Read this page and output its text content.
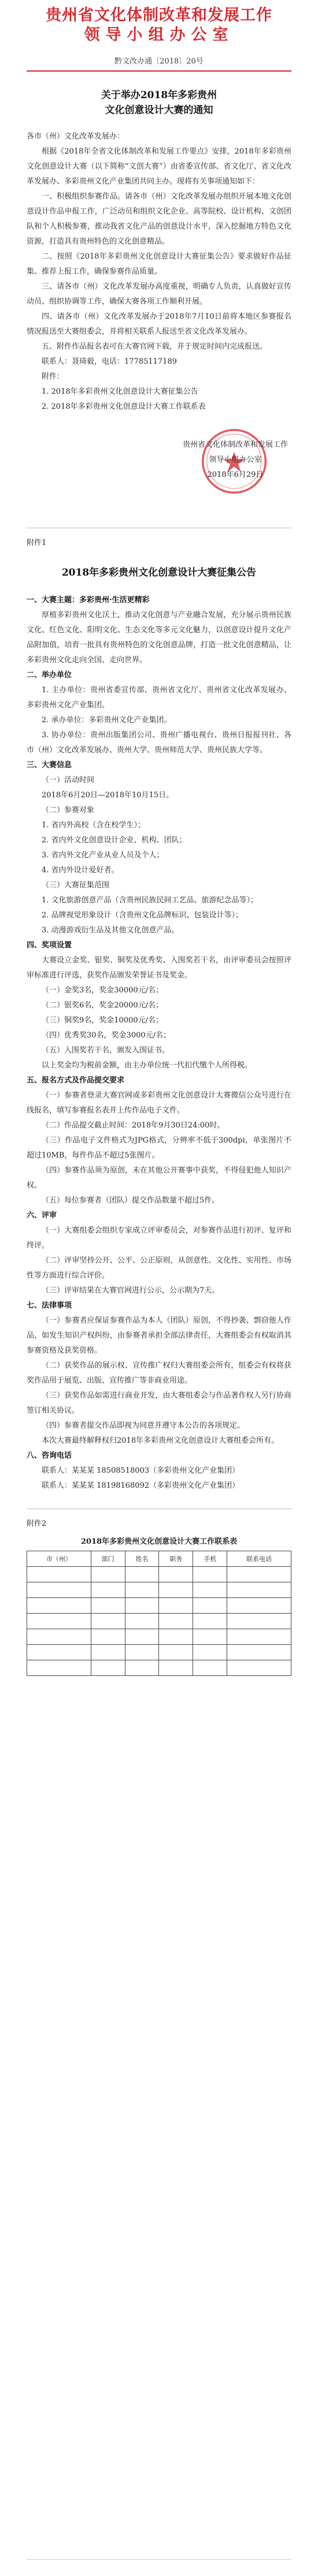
贵州省文化体制改革和发展工作
领导小组办公室
黔文改办通〔2018〕20号
关于举办2018年多彩贵州
文化创意设计大赛的通知

各市（州）文化改革发展办：

根据《2018年全省文化体制改革和发展工作要点》安排，2018年多彩贵州文化创意设计大赛（以下简称“文创大赛”）由省委宣传部、省文化厅、省文化改革发展办、多彩贵州文化产业集团共同主办。现将有关事项通知如下：

一、积极组织参赛作品。请各市（州）文化改革发展办组织开展本地文化创意设计作品申报工作，广泛动员和组织文化企业、高等院校、设计机构、文创团队和个人积极参赛，推动我省文化产品的创意设计水平，深入挖掘地方特色文化资源，打造具有贵州特色的文化创意精品。

二、按照《2018年多彩贵州文化创意设计大赛征集公告》要求做好作品征集、推荐上报工作，确保参赛作品质量。

三、请各市（州）文化改革发展办高度重视，明确专人负责，认真做好宣传动员、组织协调等工作，确保大赛各项工作顺利开展。

四、请各市（州）文化改革发展办于2018年7月10日前将本地区参赛报名情况报送至大赛组委会，并将相关联系人报送至省文化改革发展办。

五、附件作品报名表可在大赛官网下载，并于规定时间内完成报送。

联系人：聂琦毅，电话：17785117189

附件：

1. 2018年多彩贵州文化创意设计大赛征集公告

2. 2018年多彩贵州文化创意设计大赛工作联系表

贵州省文化体制改革和发展工作
领导小组办公室
2018年6月29日
附件1
2018年多彩贵州文化创意设计大赛征集公告

一、大赛主题：多彩贵州·生活更精彩

厚植多彩贵州文化沃土，推动文化创意与产业融合发展，充分展示贵州民族文化、红色文化、阳明文化、生态文化等多元文化魅力，以创意设计提升文化产品附加值，培育一批具有贵州特色的文化创意品牌，打造一批文化创意精品，让多彩贵州文化走向全国、走向世界。

二、举办单位

1. 主办单位：贵州省委宣传部、贵州省文化厅、贵州省文化改革发展办、多彩贵州文化产业集团。

2. 承办单位：多彩贵州文化产业集团。

3. 协办单位：贵州出版集团公司、贵州广播电视台、贵州日报报刊社、各市（州）文化改革发展办、贵州大学、贵州师范大学、贵州民族大学等。

三、大赛信息

（一）活动时间

2018年6月20日—2018年10月15日。

（二）参赛对象

1. 省内外高校（含在校学生）；

2. 省内外文化创意设计企业、机构、团队；

3. 省内外文化产业从业人员及个人；

4. 省内外设计爱好者。

（三）大赛征集范围

1. 文化旅游创意产品（含贵州民族民间工艺品、旅游纪念品等）；

2. 品牌视觉形象设计（含贵州文化品牌标识、包装设计等）；

3. 动漫游戏衍生品及其他文化创意产品。

四、奖项设置

大赛设立金奖、银奖、铜奖及优秀奖、入围奖若干名，由评审委员会按照评审标准进行评选，获奖作品颁发荣誉证书及奖金。

（一）金奖3名，奖金30000元/名；

（二）银奖6名，奖金20000元/名；

（三）铜奖9名，奖金10000元/名；

（四）优秀奖30名，奖金3000元/名；

（五）入围奖若干名，颁发入围证书。

以上奖金均为税前金额，由主办单位统一代扣代缴个人所得税。

五、报名方式及作品提交要求

（一）参赛者登录大赛官网或多彩贵州文化创意设计大赛微信公众号进行在线报名，填写参赛报名表并上传作品电子文件。

（二）作品提交截止时间：2018年9月30日24:00时。

（三）作品电子文件格式为JPG格式，分辨率不低于300dpi，单张图片不超过10MB，每件作品不超过5张图片。

（四）参赛作品须为原创，未在其他公开赛事中获奖，不得侵犯他人知识产权。

（五）每位参赛者（团队）提交作品数量不超过5件。

六、评审

（一）大赛组委会组织专家成立评审委员会，对参赛作品进行初评、复评和终评。

（二）评审坚持公开、公平、公正原则，从创意性、文化性、实用性、市场性等方面进行综合评价。

（三）评审结果在大赛官网进行公示，公示期为7天。

七、法律事项

（一）参赛者应保证参赛作品为本人（团队）原创，不得抄袭、剽窃他人作品，如发生知识产权纠纷，由参赛者承担全部法律责任，大赛组委会有权取消其参赛资格及获奖资格。

（二）获奖作品的展示权、宣传推广权归大赛组委会所有，组委会有权将获奖作品用于展览、出版、宣传推广等非商业用途。

（三）获奖作品如需进行商业开发，由大赛组委会与作品著作权人另行协商签订相关协议。

（四）参赛者提交作品即视为同意并遵守本公告的各项规定。

本次大赛最终解释权归2018年多彩贵州文化创意设计大赛组委会所有。

八、咨询电话

联系人：某某某 18508518003（多彩贵州文化产业集团）

联系人：某某某 18198168092（多彩贵州文化产业集团）

附件2
2018年多彩贵州文化创意设计大赛工作联系表
市（州）	部门	姓名	职务	手机	联系电话
